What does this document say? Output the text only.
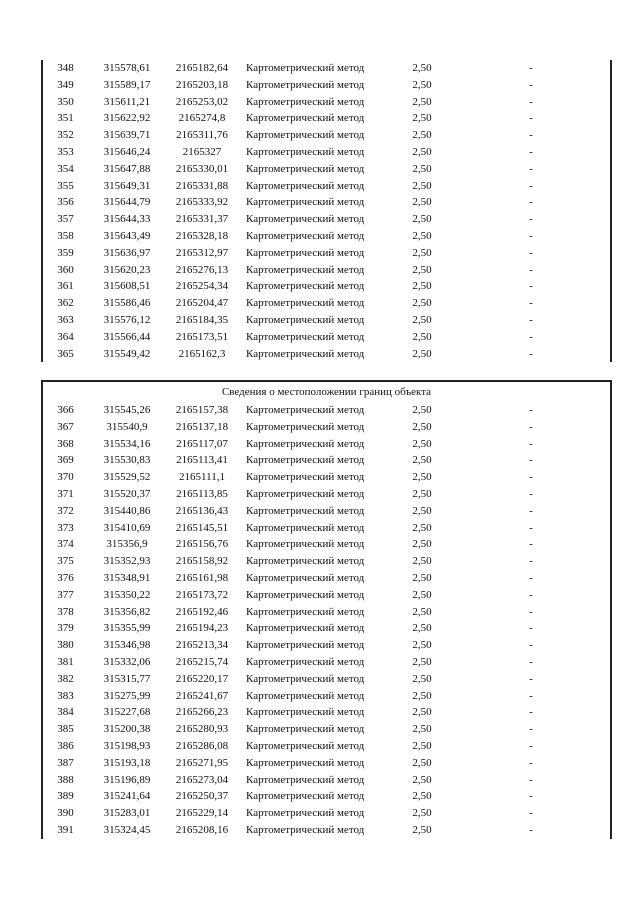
348	315578,61	2165182,64	Картометрический метод	2,50	-
349	315589,17	2165203,18	Картометрический метод	2,50	-
350	315611,21	2165253,02	Картометрический метод	2,50	-
351	315622,92	2165274,8	Картометрический метод	2,50	-
352	315639,71	2165311,76	Картометрический метод	2,50	-
353	315646,24	2165327	Картометрический метод	2,50	-
354	315647,88	2165330,01	Картометрический метод	2,50	-
355	315649,31	2165331,88	Картометрический метод	2,50	-
356	315644,79	2165333,92	Картометрический метод	2,50	-
357	315644,33	2165331,37	Картометрический метод	2,50	-
358	315643,49	2165328,18	Картометрический метод	2,50	-
359	315636,97	2165312,97	Картометрический метод	2,50	-
360	315620,23	2165276,13	Картометрический метод	2,50	-
361	315608,51	2165254,34	Картометрический метод	2,50	-
362	315586,46	2165204,47	Картометрический метод	2,50	-
363	315576,12	2165184,35	Картометрический метод	2,50	-
364	315566,44	2165173,51	Картометрический метод	2,50	-
365	315549,42	2165162,3	Картометрический метод	2,50	-
Сведения о местоположении границ объекта
366	315545,26	2165157,38	Картометрический метод	2,50	-
367	315540,9	2165137,18	Картометрический метод	2,50	-
368	315534,16	2165117,07	Картометрический метод	2,50	-
369	315530,83	2165113,41	Картометрический метод	2,50	-
370	315529,52	2165111,1	Картометрический метод	2,50	-
371	315520,37	2165113,85	Картометрический метод	2,50	-
372	315440,86	2165136,43	Картометрический метод	2,50	-
373	315410,69	2165145,51	Картометрический метод	2,50	-
374	315356,9	2165156,76	Картометрический метод	2,50	-
375	315352,93	2165158,92	Картометрический метод	2,50	-
376	315348,91	2165161,98	Картометрический метод	2,50	-
377	315350,22	2165173,72	Картометрический метод	2,50	-
378	315356,82	2165192,46	Картометрический метод	2,50	-
379	315355,99	2165194,23	Картометрический метод	2,50	-
380	315346,98	2165213,34	Картометрический метод	2,50	-
381	315332,06	2165215,74	Картометрический метод	2,50	-
382	315315,77	2165220,17	Картометрический метод	2,50	-
383	315275,99	2165241,67	Картометрический метод	2,50	-
384	315227,68	2165266,23	Картометрический метод	2,50	-
385	315200,38	2165280,93	Картометрический метод	2,50	-
386	315198,93	2165286,08	Картометрический метод	2,50	-
387	315193,18	2165271,95	Картометрический метод	2,50	-
388	315196,89	2165273,04	Картометрический метод	2,50	-
389	315241,64	2165250,37	Картометрический метод	2,50	-
390	315283,01	2165229,14	Картометрический метод	2,50	-
391	315324,45	2165208,16	Картометрический метод	2,50	-
